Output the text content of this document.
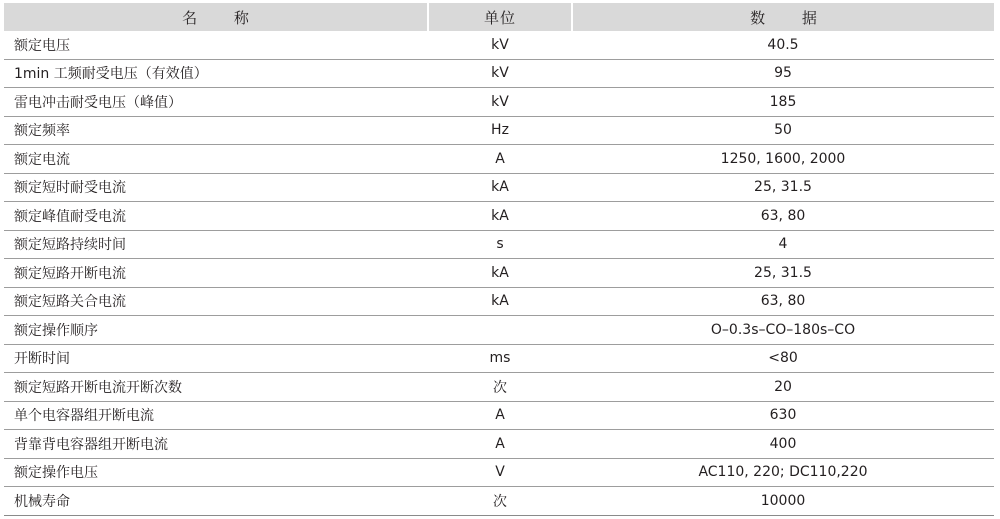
名 称	单位	数 据
额定电压	kV	40.5
1min 工频耐受电压（有效值）	kV	95
雷电冲击耐受电压（峰值）	kV	185
额定频率	Hz	50
额定电流	A	1250, 1600, 2000
额定短时耐受电流	kA	25, 31.5
额定峰值耐受电流	kA	63, 80
额定短路持续时间	s	4
额定短路开断电流	kA	25, 31.5
额定短路关合电流	kA	63, 80
额定操作顺序		O–0.3s–CO–180s–CO
开断时间	ms	<80
额定短路开断电流开断次数	次	20
单个电容器组开断电流	A	630
背靠背电容器组开断电流	A	400
额定操作电压	V	AC110, 220; DC110,220
机械寿命	次	10000
